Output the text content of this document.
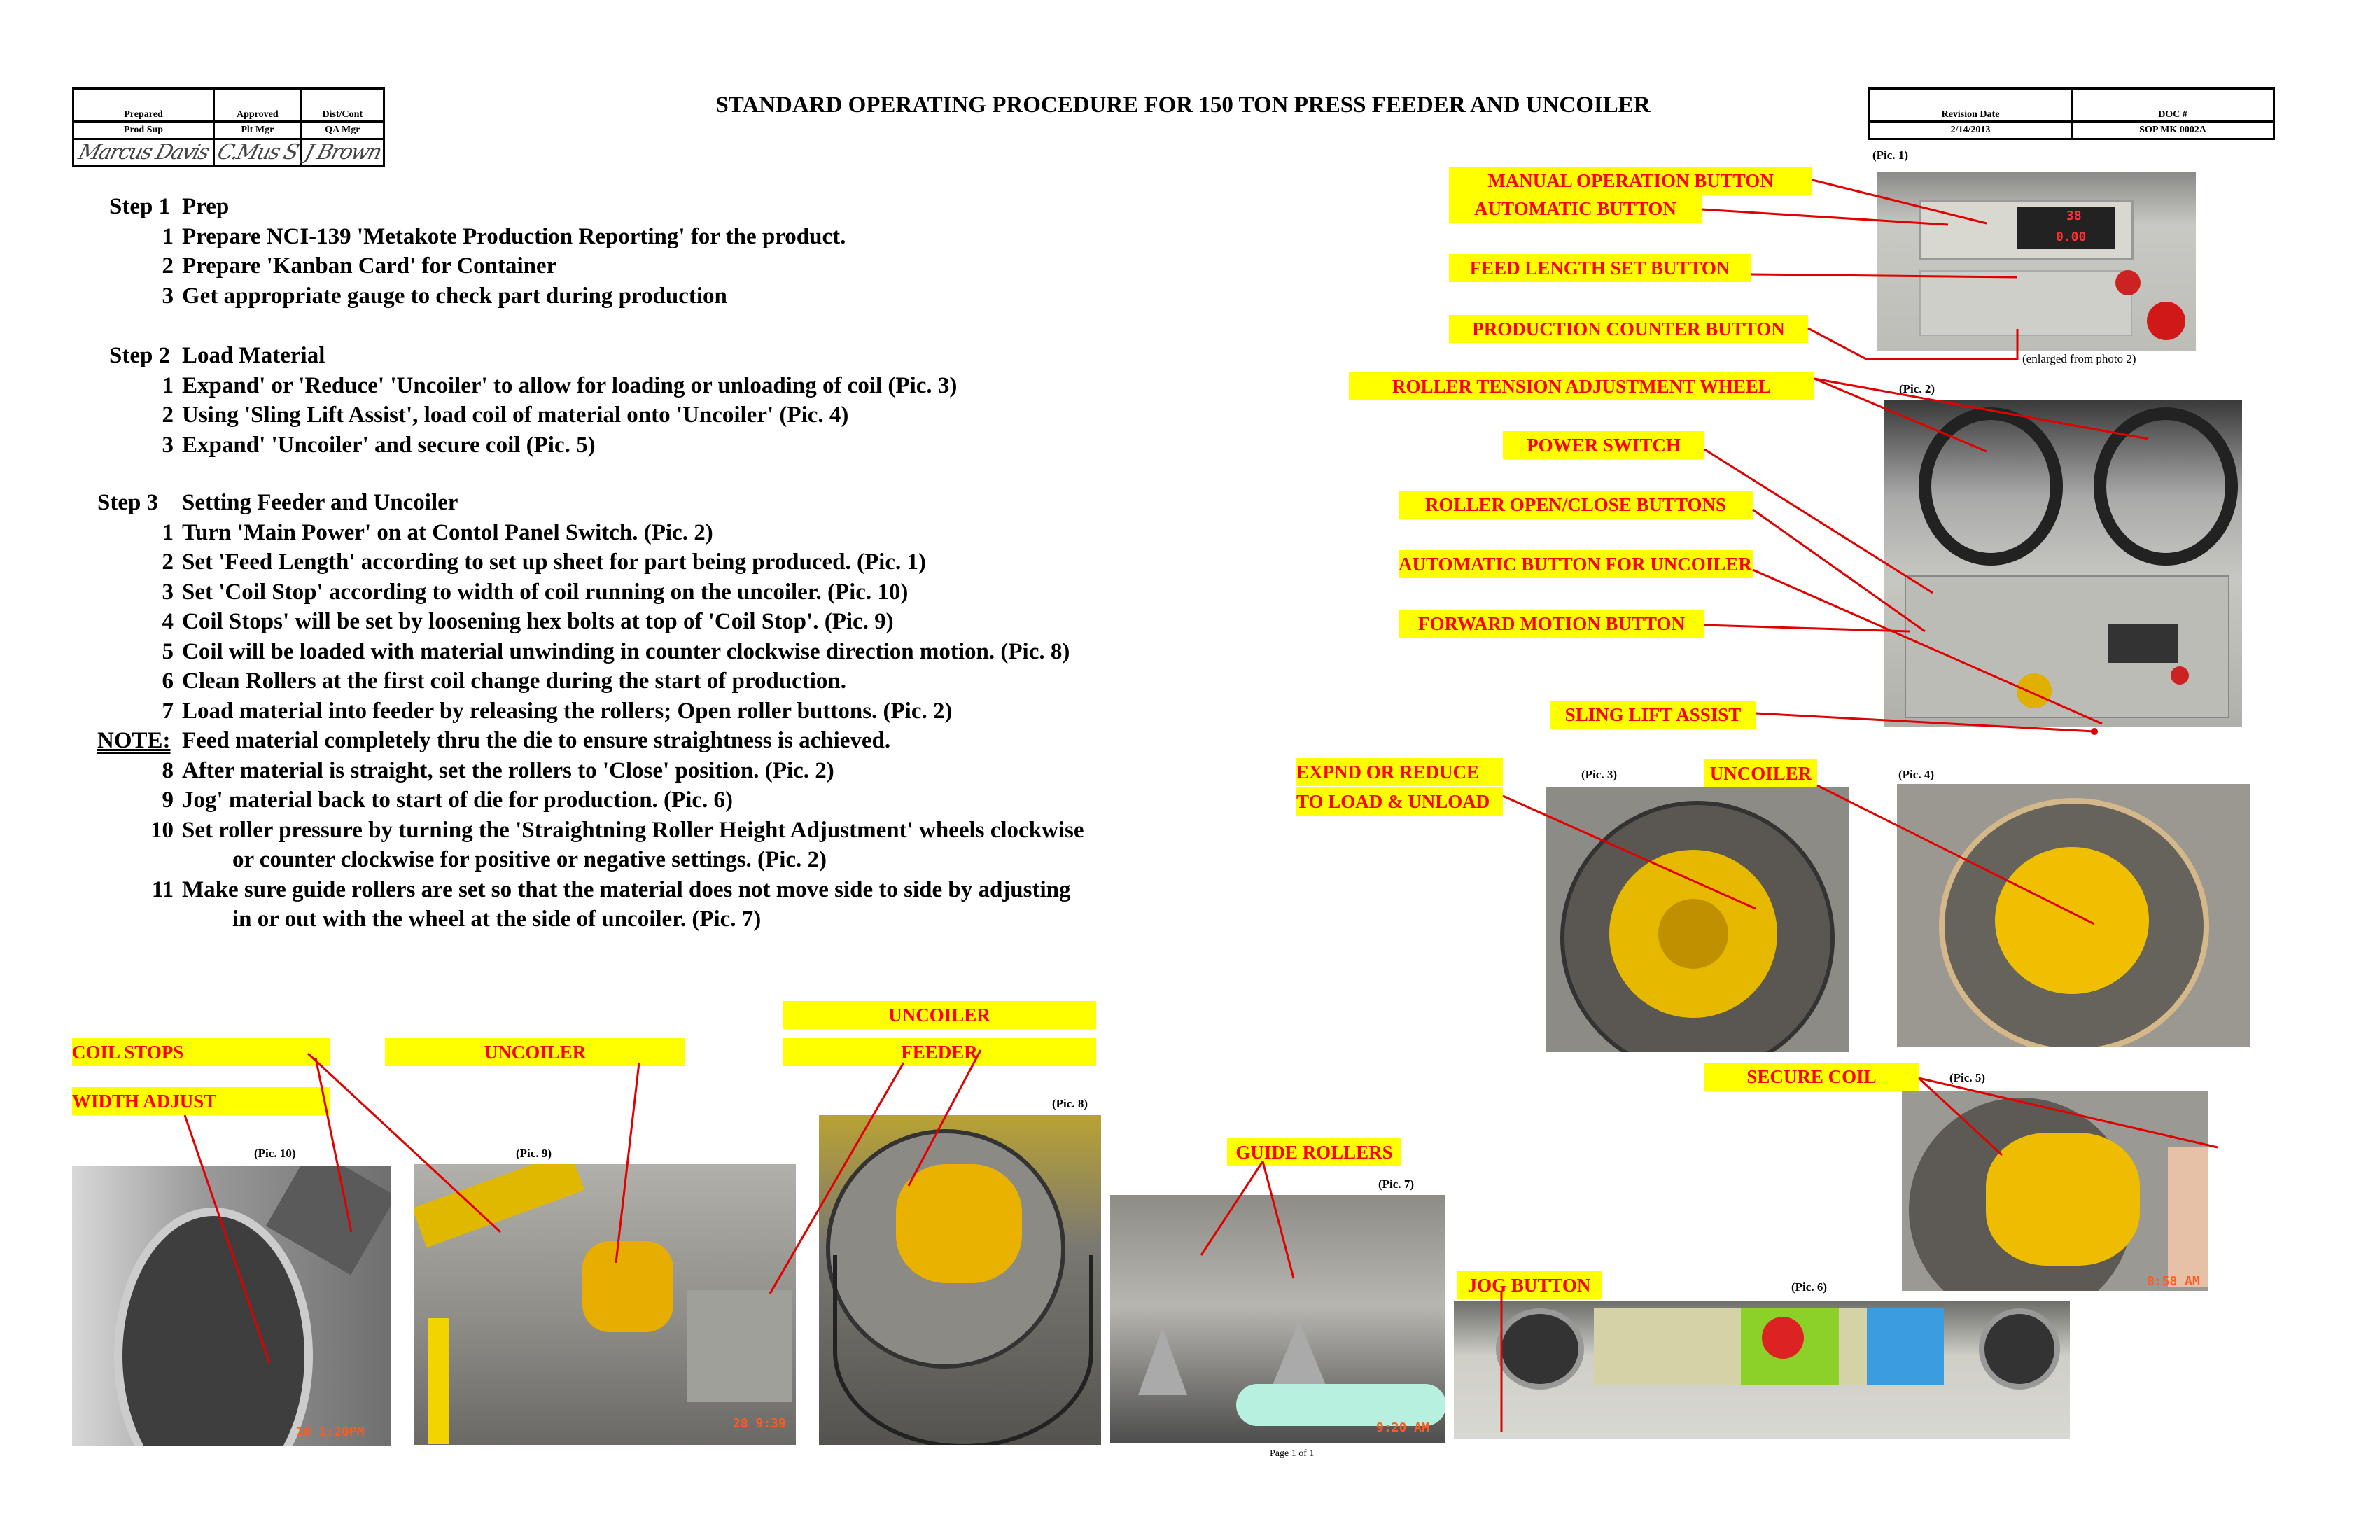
Prepared	Approved	Dist/Cont
Prod Sup	Plt Mgr	QA Mgr

Marcus Davis	C.Mus S	J Brown
STANDARD OPERATING PROCEDURE FOR 150 TON PRESS FEEDER AND UNCOILER	Revision Date	DOC #
2/14/2013	SOP MK 0002A
Step 1 Prep
1 Prepare NCI-139 'Metakote Production Reporting' for the product.
2 Prepare 'Kanban Card' for Container
3 Get appropriate gauge to check part during production
Step 2 Load Material
1 Expand' or 'Reduce' 'Uncoiler' to allow for loading or unloading of coil (Pic. 3)
2 Using 'Sling Lift Assist', load coil of material onto 'Uncoiler' (Pic. 4)
3 Expand' 'Uncoiler' and secure coil (Pic. 5)
Step 3 Setting Feeder and Uncoiler
1 Turn 'Main Power' on at Contol Panel Switch. (Pic. 2)
2 Set 'Feed Length' according to set up sheet for part being produced. (Pic. 1)
3 Set 'Coil Stop' according to width of coil running on the uncoiler. (Pic. 10)
4 Coil Stops' will be set by loosening hex bolts at top of 'Coil Stop'. (Pic. 9)
5 Coil will be loaded with material unwinding in counter clockwise direction motion. (Pic. 8)
6 Clean Rollers at the first coil change during the start of production.
7 Load material into feeder by releasing the rollers; Open roller buttons. (Pic. 2)
NOTE: Feed material completely thru the die to ensure straightness is achieved.
8 After material is straight, set the rollers to 'Close' position. (Pic. 2)
9 Jog' material back to start of die for production. (Pic. 6)
10 Set roller pressure by turning the 'Straightning Roller Height Adjustment' wheels clockwise
or counter clockwise for positive or negative settings. (Pic. 2)
11 Make sure guide rollers are set so that the material does not move side to side by adjusting
in or out with the wheel at the side of uncoiler. (Pic. 7)
38
0.00
8:58 AM
9:20 AM
28 9:39
10 1:20PM
(Pic. 1)
(enlarged from photo 2)
(Pic. 2)
(Pic. 3)	(Pic. 4)
(Pic. 5)
(Pic. 6)
(Pic. 7)
(Pic. 8)
(Pic. 9)
(Pic. 10)
Page 1 of 1
MANUAL OPERATION BUTTON
AUTOMATIC BUTTON
FEED LENGTH SET BUTTON
PRODUCTION COUNTER BUTTON
ROLLER TENSION ADJUSTMENT WHEEL
POWER SWITCH
ROLLER OPEN/CLOSE BUTTONS
AUTOMATIC BUTTON FOR UNCOILER
FORWARD MOTION BUTTON
SLING LIFT ASSIST
EXPND OR REDUCE
TO LOAD & UNLOAD
UNCOILER
SECURE COIL
GUIDE ROLLERS
JOG BUTTON
COIL STOPS
WIDTH ADJUST
UNCOILER
UNCOILER
FEEDER
